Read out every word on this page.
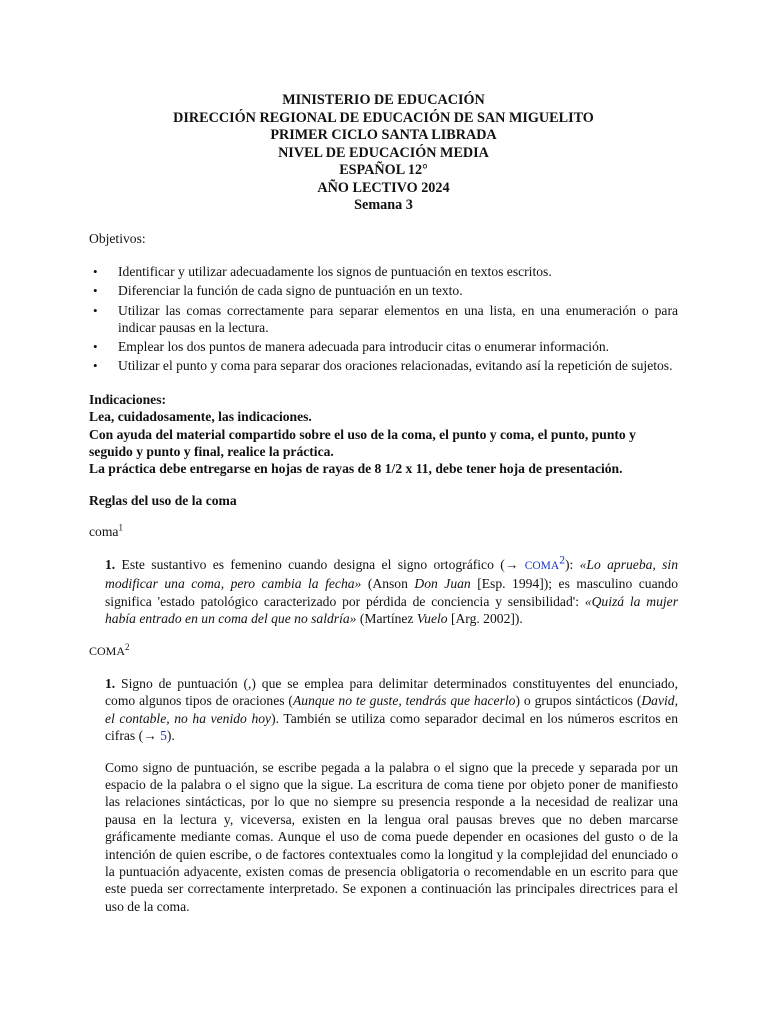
MINISTERIO DE EDUCACIÓN
DIRECCIÓN REGIONAL DE EDUCACIÓN DE SAN MIGUELITO
PRIMER CICLO SANTA LIBRADA
NIVEL DE EDUCACIÓN MEDIA
ESPAÑOL 12°
AÑO LECTIVO 2024
Semana 3
Objetivos:
• Identificar y utilizar adecuadamente los signos de puntuación en textos escritos.
• Diferenciar la función de cada signo de puntuación en un texto.
• Utilizar las comas correctamente para separar elementos en una lista, en una enumeración o para indicar pausas en la lectura.
• Emplear los dos puntos de manera adecuada para introducir citas o enumerar información.
• Utilizar el punto y coma para separar dos oraciones relacionadas, evitando así la repetición de sujetos.
Indicaciones:
Lea, cuidadosamente, las indicaciones.
Con ayuda del material compartido sobre el uso de la coma, el punto y coma, el punto, punto y seguido y punto y final, realice la práctica.
La práctica debe entregarse en hojas de rayas de 8 1/2 x 11, debe tener hoja de presentación.
Reglas del uso de la coma
coma$^1$
1. Este sustantivo es femenino cuando designa el signo ortográfico (→ $COMA^2$): «Lo aprueba, sin modificar una coma, pero cambia la fecha» (Anson Don Juan [Esp. 1994]); es masculino cuando significa 'estado patológico caracterizado por pérdida de conciencia y sensibilidad': «Quizá la mujer había entrado en un coma del que no saldría» (Martínez Vuelo [Arg. 2002]).
COMA$^2$
1. Signo de puntuación (,) que se emplea para delimitar determinados constituyentes del enunciado, como algunos tipos de oraciones (Aunque no te guste, tendrás que hacerlo) o grupos sintácticos (David, el contable, no ha venido hoy). También se utiliza como separador decimal en los números escritos en cifras (→ 5).
Como signo de puntuación, se escribe pegada a la palabra o el signo que la precede y separada por un espacio de la palabra o el signo que la sigue. La escritura de coma tiene por objeto poner de manifiesto las relaciones sintácticas, por lo que no siempre su presencia responde a la necesidad de realizar una pausa en la lectura y, viceversa, existen en la lengua oral pausas breves que no deben marcarse gráficamente mediante comas. Aunque el uso de coma puede depender en ocasiones del gusto o de la intención de quien escribe, o de factores contextuales como la longitud y la complejidad del enunciado o la puntuación adyacente, existen comas de presencia obligatoria o recomendable en un escrito para que este pueda ser correctamente interpretado. Se exponen a continuación las principales directrices para el uso de la coma.
